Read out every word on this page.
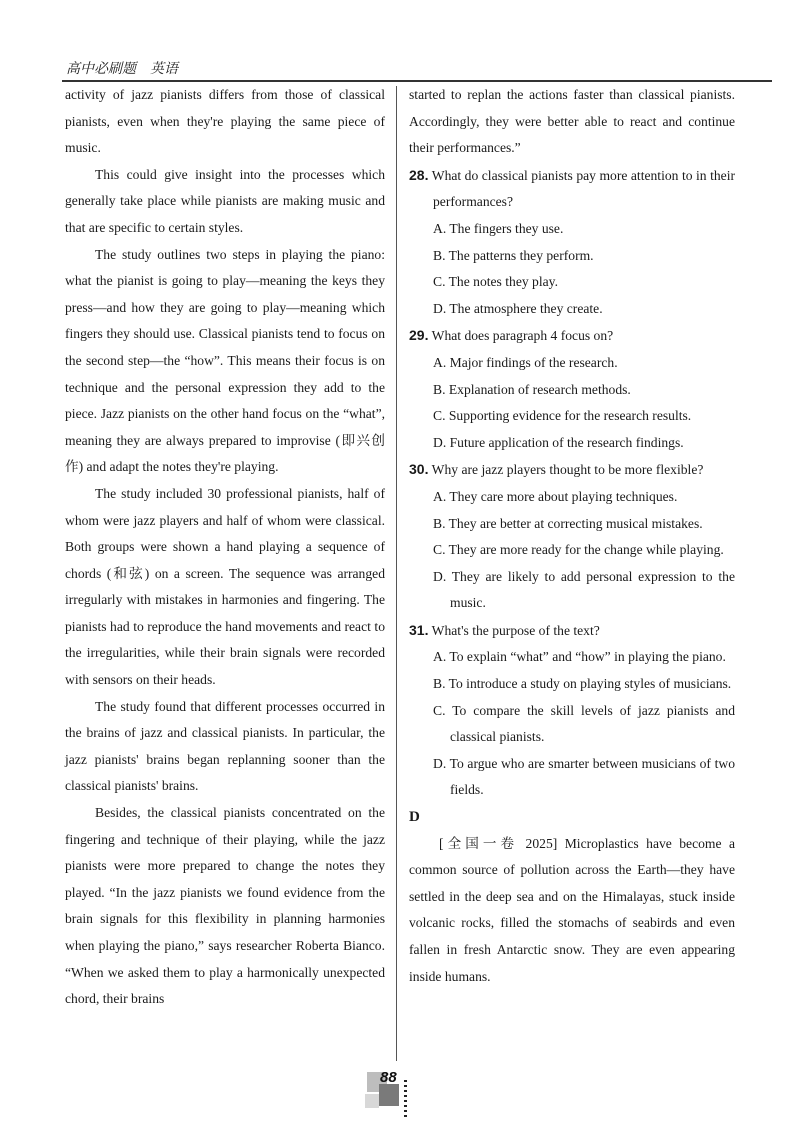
高中必刷题　英语

activity of jazz pianists differs from those of classical pianists, even when they're playing the same piece of music.

This could give insight into the processes which generally take place while pianists are making music and that are specific to certain styles.

The study outlines two steps in playing the piano: what the pianist is going to play—meaning the keys they press—and how they are going to play—meaning which fingers they should use. Classical pianists tend to focus on the second step—the “how”. This means their focus is on technique and the personal expression they add to the piece. Jazz pianists on the other hand focus on the “what”, meaning they are always prepared to improvise (即兴创作) and adapt the notes they're playing.

The study included 30 professional pianists, half of whom were jazz players and half of whom were classical. Both groups were shown a hand playing a sequence of chords (和弦) on a screen. The sequence was arranged irregularly with mistakes in harmonies and fingering. The pianists had to reproduce the hand movements and react to the irregularities, while their brain signals were recorded with sensors on their heads.

The study found that different processes occurred in the brains of jazz and classical pianists. In particular, the jazz pianists' brains began replanning sooner than the classical pianists' brains.

Besides, the classical pianists concentrated on the fingering and technique of their playing, while the jazz pianists were more prepared to change the notes they played. “In the jazz pianists we found evidence from the brain signals for this flexibility in planning harmonies when playing the piano,” says researcher Roberta Bianco. “When we asked them to play a harmonically unexpected chord, their brains

started to replan the actions faster than classical pianists. Accordingly, they were better able to react and continue their performances.”

28. What do classical pianists pay more attention to in their performances?

A. The fingers they use.

B. The patterns they perform.

C. The notes they play.

D. The atmosphere they create.

29. What does paragraph 4 focus on?

A. Major findings of the research.

B. Explanation of research methods.

C. Supporting evidence for the research results.

D. Future application of the research findings.

30. Why are jazz players thought to be more flexible?

A. They care more about playing techniques.

B. They are better at correcting musical mistakes.

C. They are more ready for the change while playing.

D. They are likely to add personal expression to the music.

31. What's the purpose of the text?

A. To explain “what” and “how” in playing the piano.

B. To introduce a study on playing styles of musicians.

C. To compare the skill levels of jazz pianists and classical pianists.

D. To argue who are smarter between musicians of two fields.

D

[全国一卷 2025] Microplastics have become a common source of pollution across the Earth—they have settled in the deep sea and on the Himalayas, stuck inside volcanic rocks, filled the stomachs of seabirds and even fallen in fresh Antarctic snow. They are even appearing inside humans.

88
